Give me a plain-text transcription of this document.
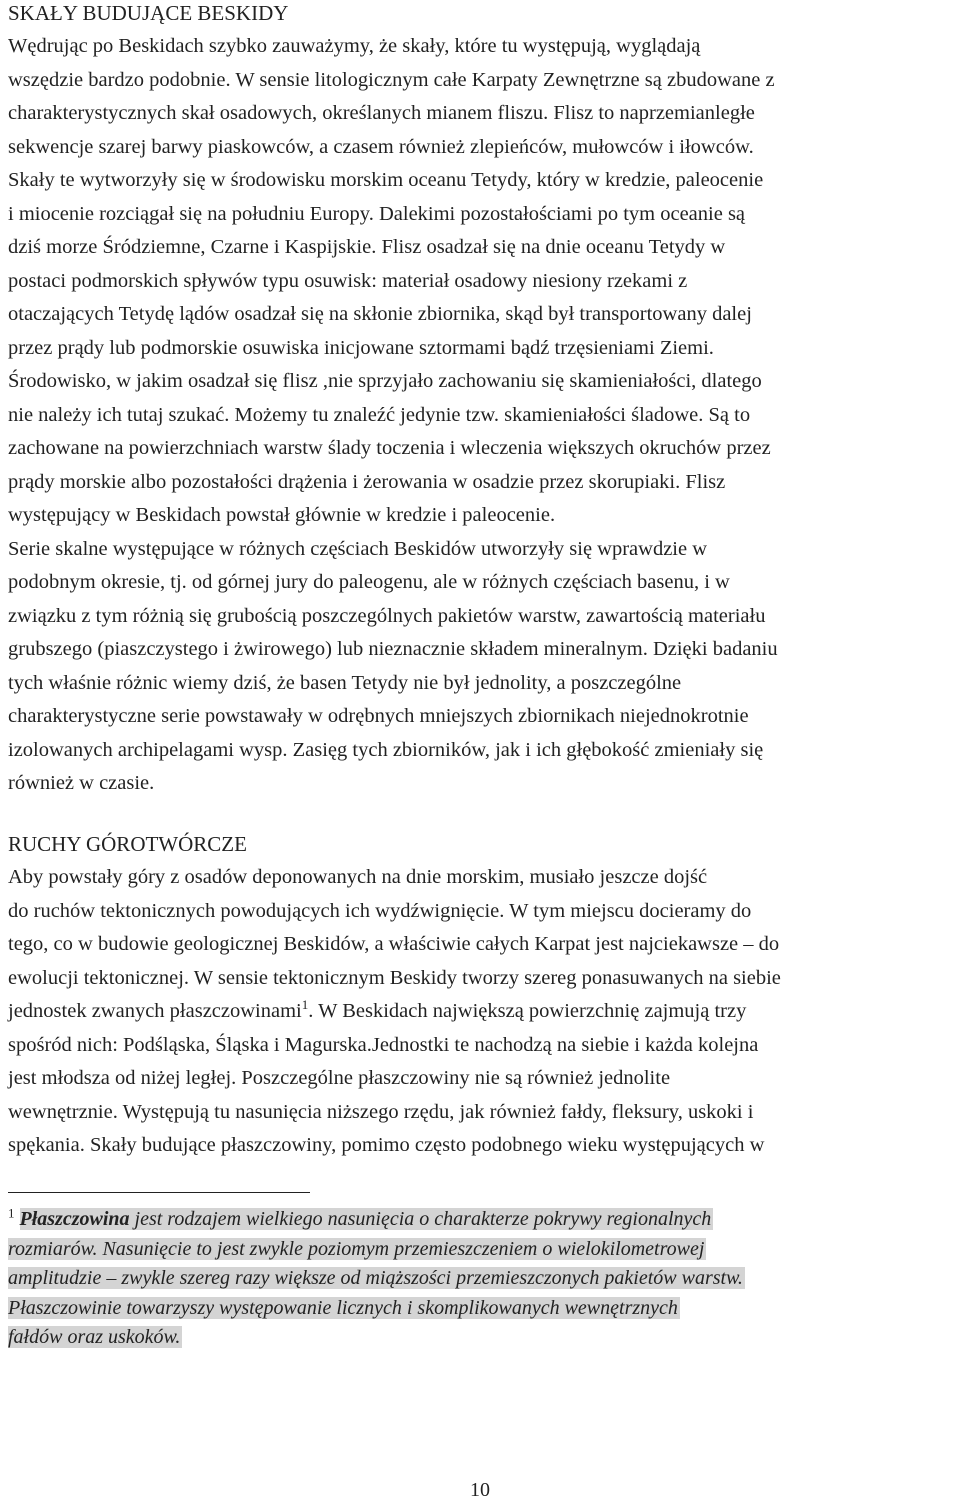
SKAŁY BUDUJĄCE BESKIDY
Wędrując po Beskidach szybko zauważymy, że skały, które tu występują, wyglądają
wszędzie bardzo podobnie. W sensie litologicznym całe Karpaty Zewnętrzne są zbudowane z
charakterystycznych skał osadowych, określanych mianem fliszu. Flisz to naprzemianległe
sekwencje szarej barwy piaskowców, a czasem również zlepieńców, mułowców i iłowców.
Skały te wytworzyły się w środowisku morskim oceanu Tetydy, który w kredzie, paleocenie
i miocenie rozciągał się na południu Europy. Dalekimi pozostałościami po tym oceanie są
dziś morze Śródziemne, Czarne i Kaspijskie. Flisz osadzał się na dnie oceanu Tetydy w
postaci podmorskich spływów typu osuwisk: materiał osadowy niesiony rzekami z
otaczających Tetydę lądów osadzał się na skłonie zbiornika, skąd był transportowany dalej
przez prądy lub podmorskie osuwiska inicjowane sztormami bądź trzęsieniami Ziemi.
Środowisko, w jakim osadzał się flisz ,nie sprzyjało zachowaniu się skamieniałości, dlatego
nie należy ich tutaj szukać. Możemy tu znaleźć jedynie tzw. skamieniałości śladowe. Są to
zachowane na powierzchniach warstw ślady toczenia i wleczenia większych okruchów przez
prądy morskie albo pozostałości drążenia i żerowania w osadzie przez skorupiaki. Flisz
występujący w Beskidach powstał głównie w kredzie i paleocenie.
Serie skalne występujące w różnych częściach Beskidów utworzyły się wprawdzie w
podobnym okresie, tj. od górnej jury do paleogenu, ale w różnych częściach basenu, i w
związku z tym różnią się grubością poszczególnych pakietów warstw, zawartością materiału
grubszego (piaszczystego i żwirowego) lub nieznacznie składem mineralnym. Dzięki badaniu
tych właśnie różnic wiemy dziś, że basen Tetydy nie był jednolity, a poszczególne
charakterystyczne serie powstawały w odrębnych mniejszych zbiornikach niejednokrotnie
izolowanych archipelagami wysp. Zasięg tych zbiorników, jak i ich głębokość zmieniały się
również w czasie.
RUCHY GÓROTWÓRCZE
Aby powstały góry z osadów deponowanych na dnie morskim, musiało jeszcze dojść
do ruchów tektonicznych powodujących ich wydźwignięcie. W tym miejscu docieramy do
tego, co w budowie geologicznej Beskidów, a właściwie całych Karpat jest najciekawsze – do
ewolucji tektonicznej. W sensie tektonicznym Beskidy tworzy szereg ponasuwanych na siebie
jednostek zwanych płaszczowinami$^1$. W Beskidach największą powierzchnię zajmują trzy
spośród nich: Podśląska, Śląska i Magurska.Jednostki te nachodzą na siebie i każda kolejna
jest młodsza od niżej ległej. Poszczególne płaszczowiny nie są również jednolite
wewnętrznie. Występują tu nasunięcia niższego rzędu, jak również fałdy, fleksury, uskoki i
spękania. Skały budujące płaszczowiny, pomimo często podobnego wieku występujących w
$^1$ Płaszczowina jest rodzajem wielkiego nasunięcia o charakterze pokrywy regionalnych
rozmiarów. Nasunięcie to jest zwykle poziomym przemieszczeniem o wielokilometrowej
amplitudzie – zwykle szereg razy większe od miąższości przemieszczonych pakietów warstw.
Płaszczowinie towarzyszy występowanie licznych i skomplikowanych wewnętrznych
fałdów oraz uskoków.
10
